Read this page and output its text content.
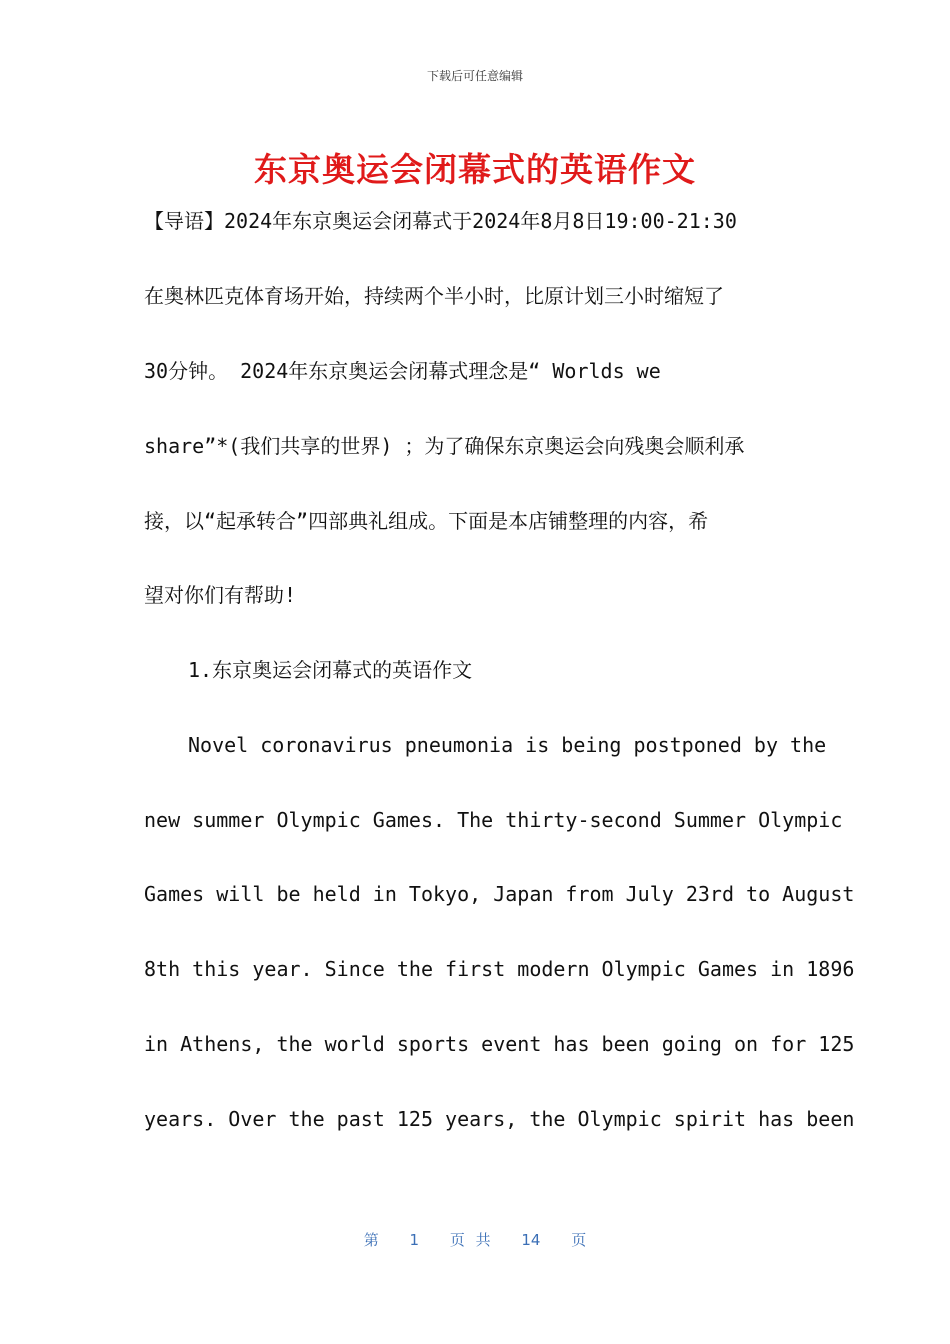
下载后可任意编辑
东京奥运会闭幕式的英语作文
【导语】2024年东京奥运会闭幕式于2024年8月8日19:00-21:30
在奥林匹克体育场开始，持续两个半小时，比原计划三小时缩短了
30分钟。 2024年东京奥运会闭幕式理念是“ Worlds we
share”*(我们共享的世界) ；为了确保东京奥运会向残奥会顺利承
接，以“起承转合”四部典礼组成。下面是本店铺整理的内容，希
望对你们有帮助!
1.东京奥运会闭幕式的英语作文
Novel coronavirus pneumonia is being postponed by the
new summer Olympic Games. The thirty-second Summer Olympic
Games will be held in Tokyo, Japan from July 23rd to August
8th this year. Since the first modern Olympic Games in 1896
in Athens, the world sports event has been going on for 125
years. Over the past 125 years, the Olympic spirit has been
第 1 页 共 14 页
